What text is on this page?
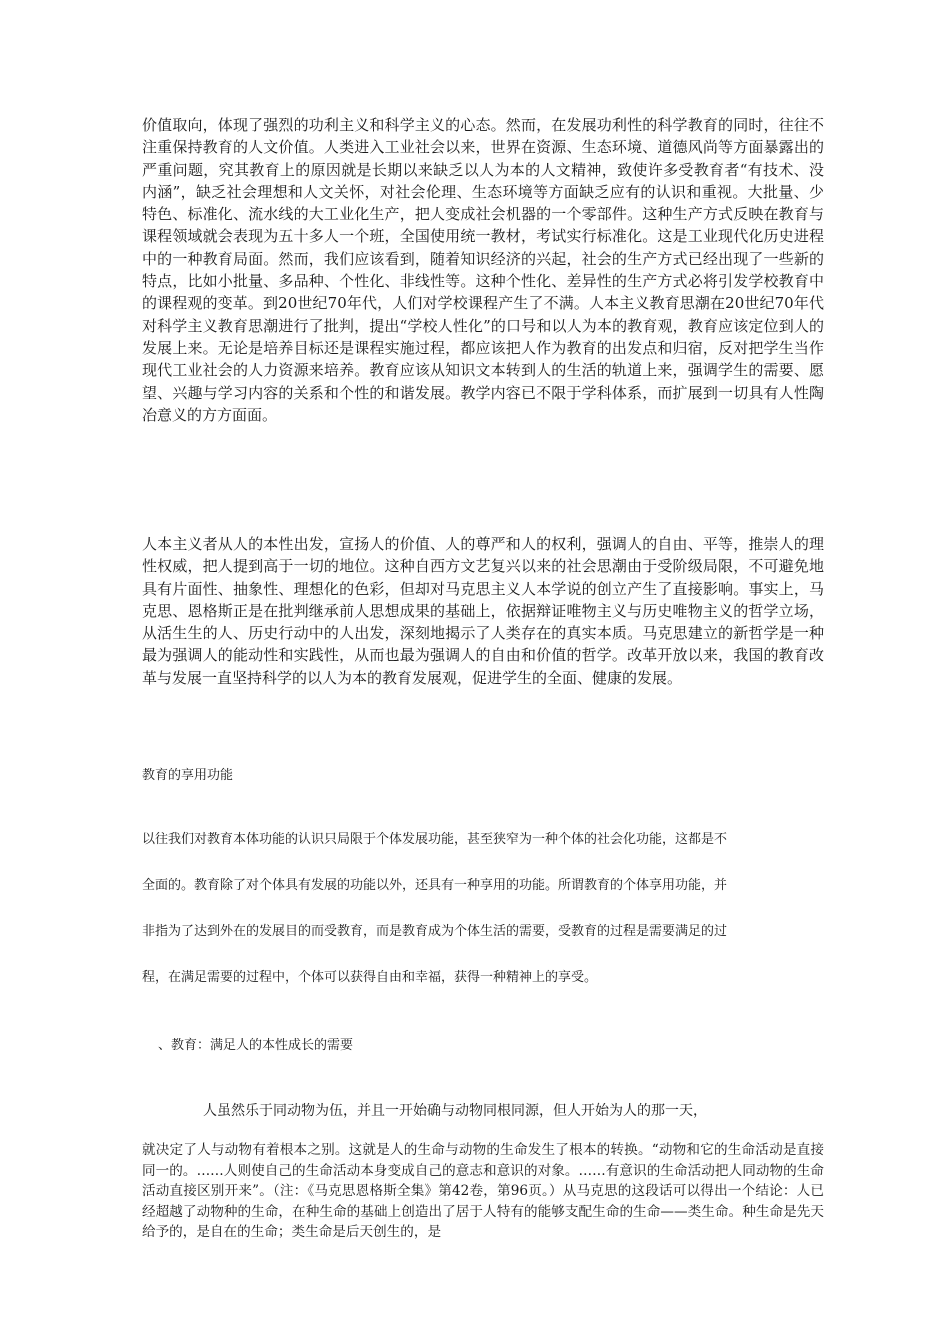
价值取向，体现了强烈的功利主义和科学主义的心态。然而，在发展功利性的科学教育的同时，往往不注重保持教育的人文价值。人类进入工业社会以来，世界在资源、生态环境、道德风尚等方面暴露出的严重问题，究其教育上的原因就是长期以来缺乏以人为本的人文精神，致使许多受教育者“有技术、没内涵”，缺乏社会理想和人文关怀，对社会伦理、生态环境等方面缺乏应有的认识和重视。大批量、少特色、标准化、流水线的大工业化生产，把人变成社会机器的一个零部件。这种生产方式反映在教育与课程领域就会表现为五十多人一个班，全国使用统一教材，考试实行标准化。这是工业现代化历史进程中的一种教育局面。然而，我们应该看到，随着知识经济的兴起，社会的生产方式已经出现了一些新的特点，比如小批量、多品种、个性化、非线性等。这种个性化、差异性的生产方式必将引发学校教育中的课程观的变革。到20世纪70年代，人们对学校课程产生了不满。人本主义教育思潮在20世纪70年代对科学主义教育思潮进行了批判，提出“学校人性化”的口号和以人为本的教育观，教育应该定位到人的发展上来。无论是培养目标还是课程实施过程，都应该把人作为教育的出发点和归宿，反对把学生当作现代工业社会的人力资源来培养。教育应该从知识文本转到人的生活的轨道上来，强调学生的需要、愿望、兴趣与学习内容的关系和个性的和谐发展。教学内容已不限于学科体系，而扩展到一切具有人性陶冶意义的方方面面。

人本主义者从人的本性出发，宣扬人的价值、人的尊严和人的权利，强调人的自由、平等，推崇人的理性权威，把人提到高于一切的地位。这种自西方文艺复兴以来的社会思潮由于受阶级局限，不可避免地具有片面性、抽象性、理想化的色彩，但却对马克思主义人本学说的创立产生了直接影响。事实上，马克思、恩格斯正是在批判继承前人思想成果的基础上，依据辩证唯物主义与历史唯物主义的哲学立场，从活生生的人、历史行动中的人出发，深刻地揭示了人类存在的真实本质。马克思建立的新哲学是一种最为强调人的能动性和实践性，从而也最为强调人的自由和价值的哲学。改革开放以来，我国的教育改革与发展一直坚持科学的以人为本的教育发展观，促进学生的全面、健康的发展。

教育的享用功能

以往我们对教育本体功能的认识只局限于个体发展功能，甚至狭窄为一种个体的社会化功能，这都是不

全面的。教育除了对个体具有发展的功能以外，还具有一种享用的功能。所谓教育的个体享用功能，并

非指为了达到外在的发展目的而受教育，而是教育成为个体生活的需要，受教育的过程是需要满足的过

程，在满足需要的过程中，个体可以获得自由和幸福，获得一种精神上的享受。

、教育：满足人的本性成长的需要

人虽然乐于同动物为伍，并且一开始确与动物同根同源，但人开始为人的那一天，

就决定了人与动物有着根本之别。这就是人的生命与动物的生命发生了根本的转换。“动物和它的生命活动是直接同一的。……人则使自己的生命活动本身变成自己的意志和意识的对象。……有意识的生命活动把人同动物的生命活动直接区别开来”。（注：《马克思恩格斯全集》第42卷，第96页。）从马克思的这段话可以得出一个结论：人已经超越了动物种的生命，在种生命的基础上创造出了居于人特有的能够支配生命的生命——类生命。种生命是先天给予的，是自在的生命；类生命是后天创生的，是
